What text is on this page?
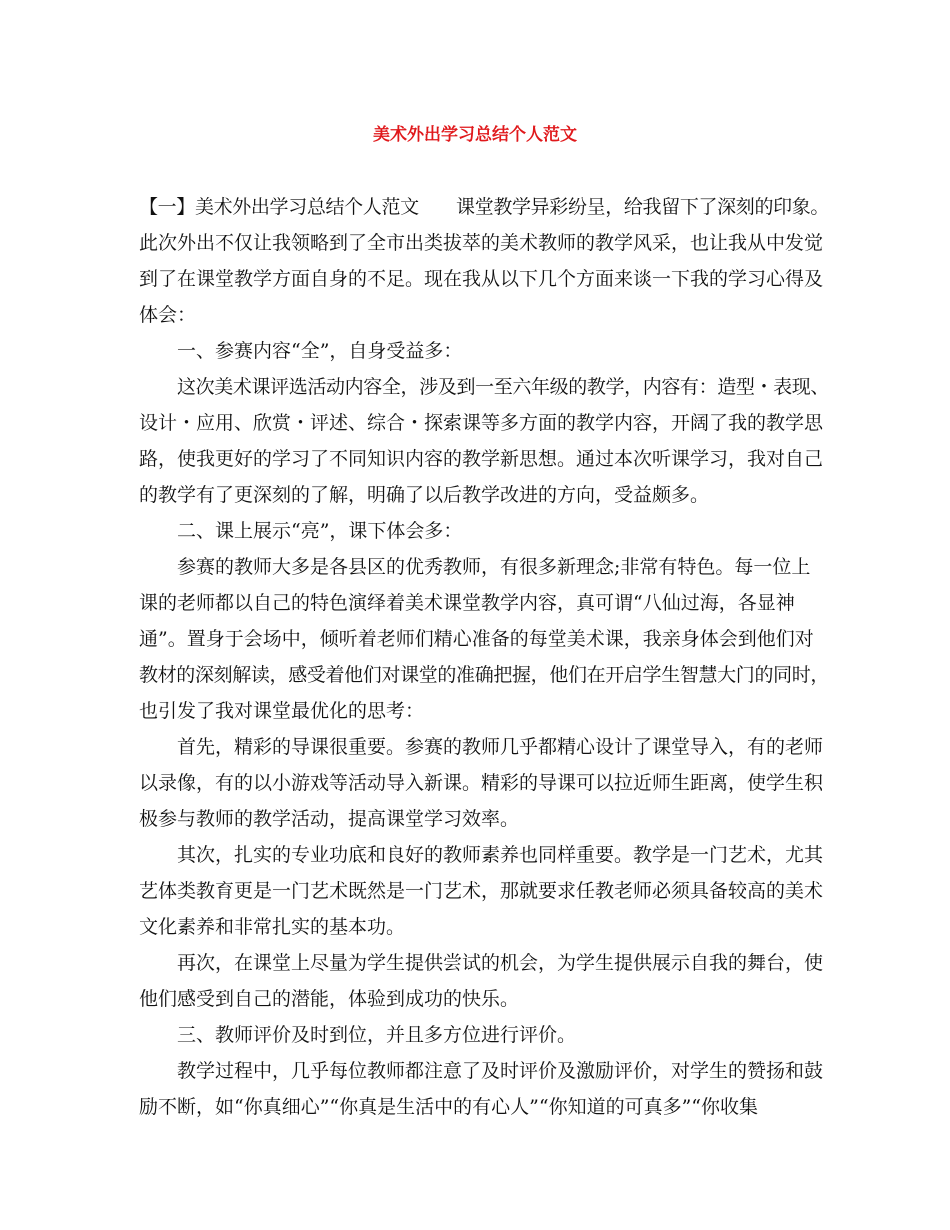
美术外出学习总结个人范文
【一】美术外出学习总结个人范文　　课堂教学异彩纷呈，给我留下了深刻的印象。
此次外出不仅让我领略到了全市出类拔萃的美术教师的教学风采，也让我从中发觉
到了在课堂教学方面自身的不足。现在我从以下几个方面来谈一下我的学习心得及
体会：
一、参赛内容“全”，自身受益多：
这次美术课评选活动内容全，涉及到一至六年级的教学，内容有：造型・表现、
设计・应用、欣赏・评述、综合・探索课等多方面的教学内容，开阔了我的教学思
路，使我更好的学习了不同知识内容的教学新思想。通过本次听课学习，我对自己
的教学有了更深刻的了解，明确了以后教学改进的方向，受益颇多。
二、课上展示“亮”，课下体会多：
参赛的教师大多是各县区的优秀教师，有很多新理念;非常有特色。每一位上
课的老师都以自己的特色演绎着美术课堂教学内容，真可谓“八仙过海，各显神
通”。置身于会场中，倾听着老师们精心准备的每堂美术课，我亲身体会到他们对
教材的深刻解读，感受着他们对课堂的准确把握，他们在开启学生智慧大门的同时，
也引发了我对课堂最优化的思考：
首先，精彩的导课很重要。参赛的教师几乎都精心设计了课堂导入，有的老师
以录像，有的以小游戏等活动导入新课。精彩的导课可以拉近师生距离，使学生积
极参与教师的教学活动，提高课堂学习效率。
其次，扎实的专业功底和良好的教师素养也同样重要。教学是一门艺术，尤其
艺体类教育更是一门艺术既然是一门艺术，那就要求任教老师必须具备较高的美术
文化素养和非常扎实的基本功。
再次，在课堂上尽量为学生提供尝试的机会，为学生提供展示自我的舞台，使
他们感受到自己的潜能，体验到成功的快乐。
三、教师评价及时到位，并且多方位进行评价。
教学过程中，几乎每位教师都注意了及时评价及激励评价，对学生的赞扬和鼓
励不断，如“你真细心”“你真是生活中的有心人”“你知道的可真多”“你收集
